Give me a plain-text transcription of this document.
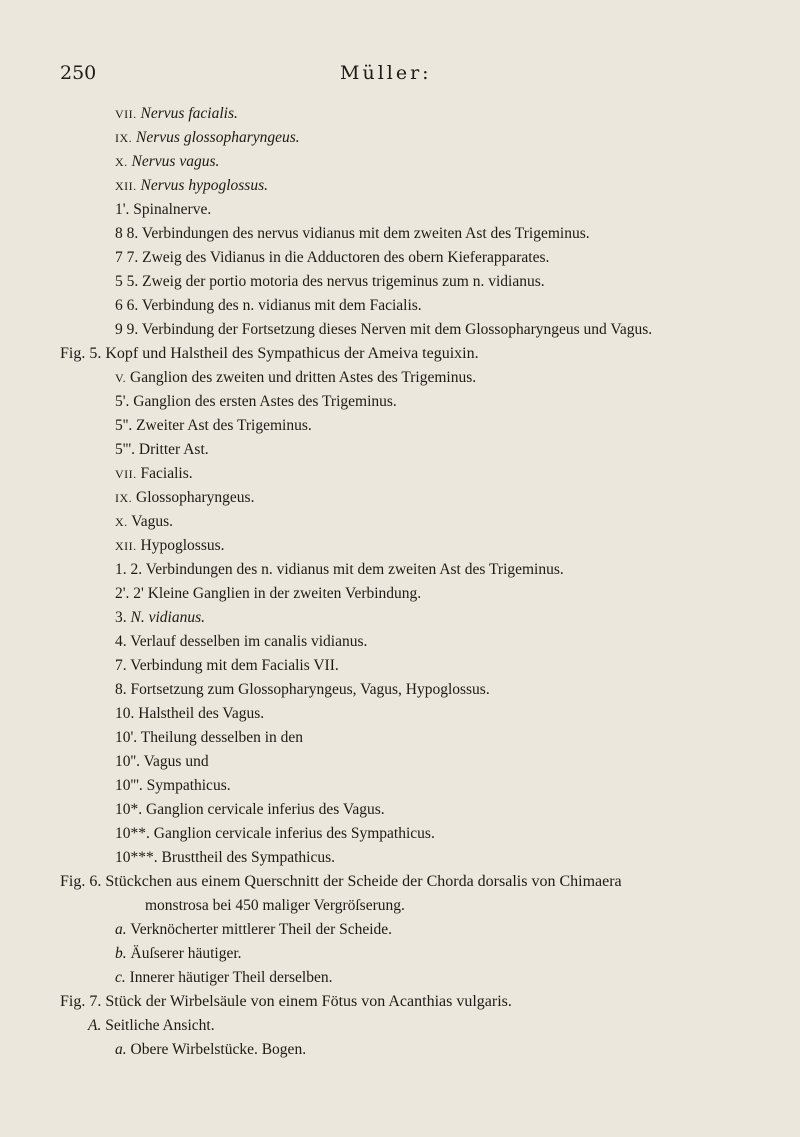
250	Müller:
VII. Nervus facialis.
IX. Nervus glossopharyngeus.
X. Nervus vagus.
XII. Nervus hypoglossus.
1'. Spinalnerve.
8 8. Verbindungen des nervus vidianus mit dem zweiten Ast des Trigeminus.
7 7. Zweig des Vidianus in die Adductoren des obern Kieferapparates.
5 5. Zweig der portio motoria des nervus trigeminus zum n. vidianus.
6 6. Verbindung des n. vidianus mit dem Facialis.
9 9. Verbindung der Fortsetzung dieses Nerven mit dem Glossopharyngeus und Vagus.
Fig. 5. Kopf und Halstheil des Sympathicus der Ameiva teguixin.
V. Ganglion des zweiten und dritten Astes des Trigeminus.
5'. Ganglion des ersten Astes des Trigeminus.
5''. Zweiter Ast des Trigeminus.
5'''. Dritter Ast.
VII. Facialis.
IX. Glossopharyngeus.
X. Vagus.
XII. Hypoglossus.
1. 2. Verbindungen des n. vidianus mit dem zweiten Ast des Trigeminus.
2'. 2' Kleine Ganglien in der zweiten Verbindung.
3. N. vidianus.
4. Verlauf desselben im canalis vidianus.
7. Verbindung mit dem Facialis VII.
8. Fortsetzung zum Glossopharyngeus, Vagus, Hypoglossus.
10. Halstheil des Vagus.
10'. Theilung desselben in den
10''. Vagus und
10'''. Sympathicus.
10*. Ganglion cervicale inferius des Vagus.
10**. Ganglion cervicale inferius des Sympathicus.
10***. Brusttheil des Sympathicus.
Fig. 6. Stückchen aus einem Querschnitt der Scheide der Chorda dorsalis von Chimaera
monstrosa bei 450 maliger Vergröſserung.
a. Verknöcherter mittlerer Theil der Scheide.
b. Äuſserer häutiger.
c. Innerer häutiger Theil derselben.
Fig. 7. Stück der Wirbelsäule von einem Fötus von Acanthias vulgaris.
A. Seitliche Ansicht.
a. Obere Wirbelstücke. Bogen.
